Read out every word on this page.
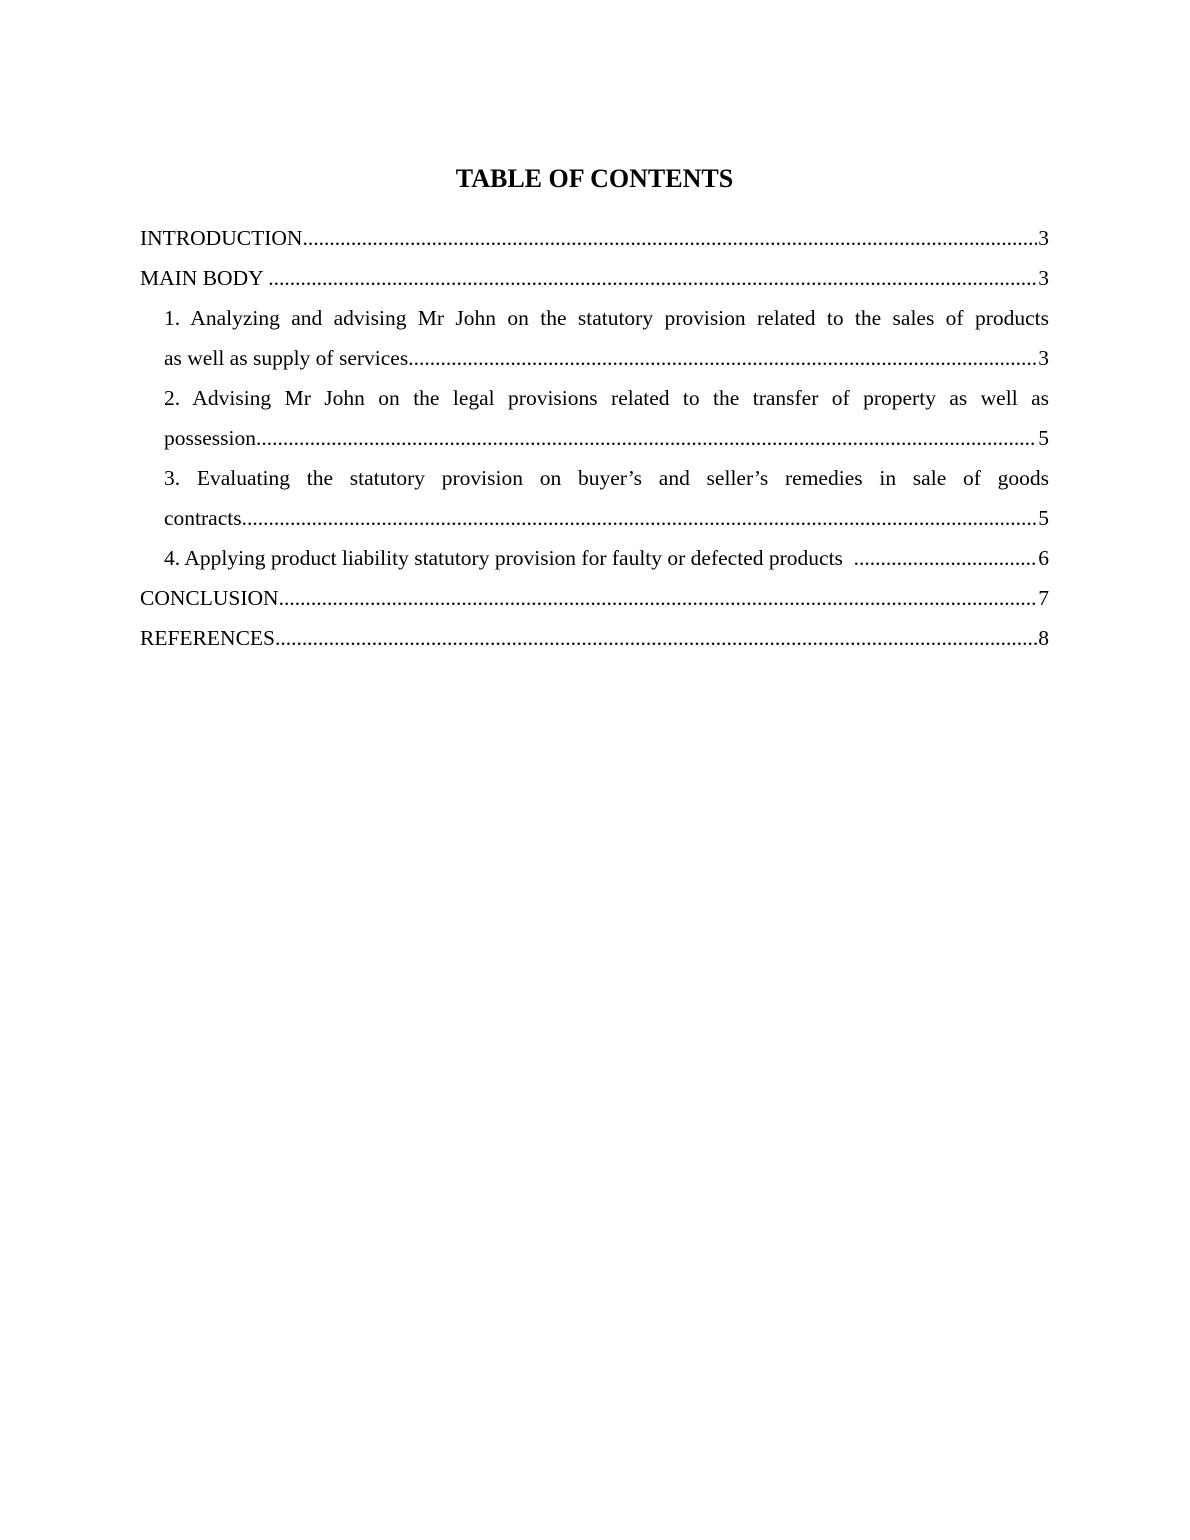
TABLE OF CONTENTS
INTRODUCTION .....	3
MAIN BODY .....	3
1. Analyzing and advising Mr John on the statutory provision related to the sales of products
as well as supply of services .....	3
2. Advising Mr John on the legal provisions related to the transfer of property as well as
possession .....	5
3. Evaluating the statutory provision on buyer’s and seller’s remedies in sale of goods
contracts .....	5
4. Applying product liability statutory provision for faulty or defected products   .....	6
CONCLUSION .....	7
REFERENCES .....	8
